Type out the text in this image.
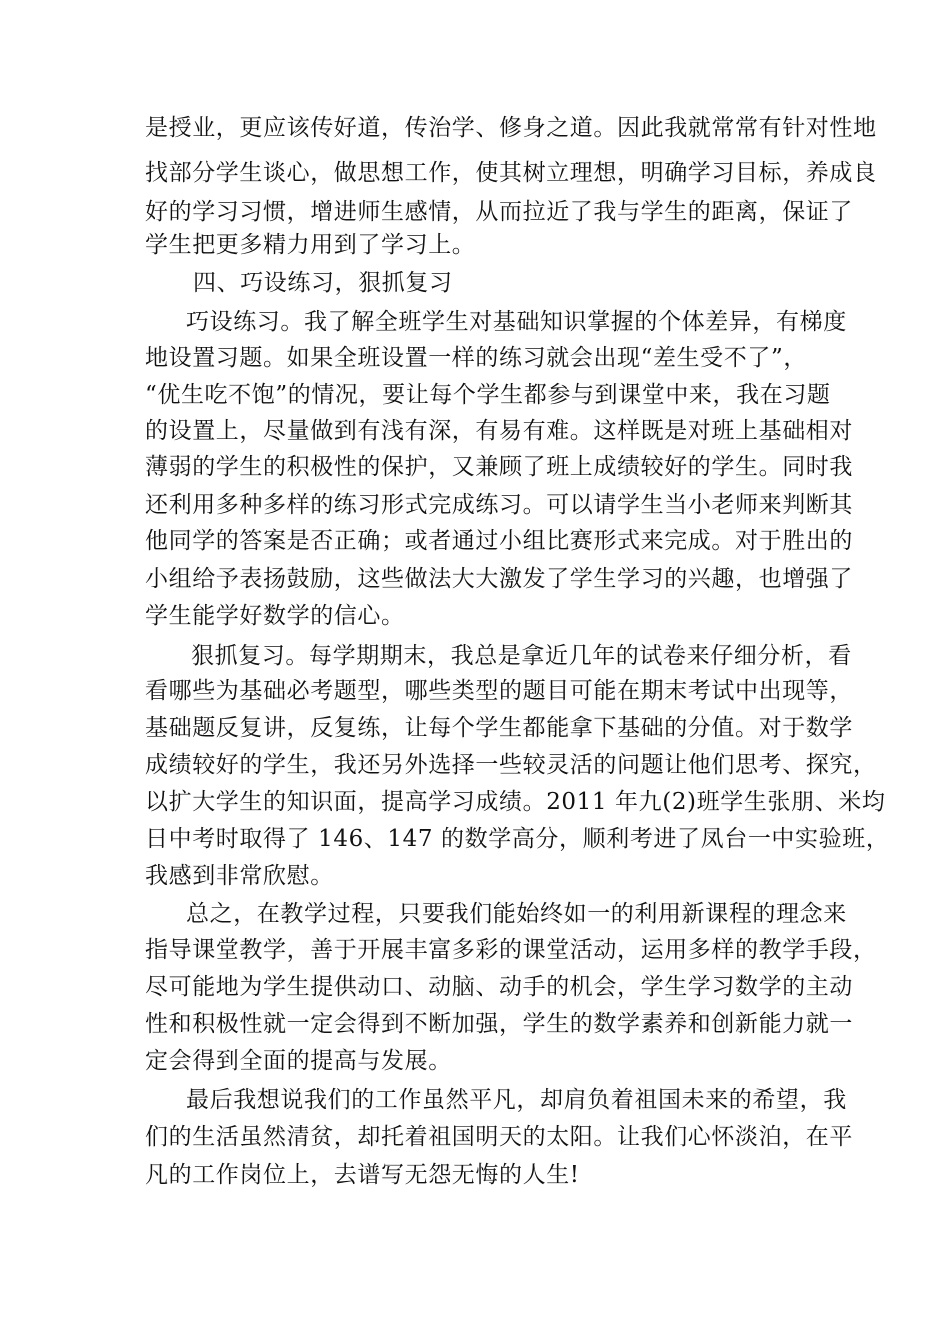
是授业，更应该传好道，传治学、修身之道。因此我就常常有针对性地
找部分学生谈心，做思想工作，使其树立理想，明确学习目标，养成良
好的学习习惯，增进师生感情，从而拉近了我与学生的距离，保证了
学生把更多精力用到了学习上。
四、巧设练习，狠抓复习
巧设练习。我了解全班学生对基础知识掌握的个体差异，有梯度
地设置习题。如果全班设置一样的练习就会出现“差生受不了”，
“优生吃不饱”的情况，要让每个学生都参与到课堂中来，我在习题
的设置上，尽量做到有浅有深，有易有难。这样既是对班上基础相对
薄弱的学生的积极性的保护，又兼顾了班上成绩较好的学生。同时我
还利用多种多样的练习形式完成练习。可以请学生当小老师来判断其
他同学的答案是否正确；或者通过小组比赛形式来完成。对于胜出的
小组给予表扬鼓励，这些做法大大激发了学生学习的兴趣，也增强了
学生能学好数学的信心。
狠抓复习。每学期期末，我总是拿近几年的试卷来仔细分析，看
看哪些为基础必考题型，哪些类型的题目可能在期末考试中出现等，
基础题反复讲，反复练，让每个学生都能拿下基础的分值。对于数学
成绩较好的学生，我还另外选择一些较灵活的问题让他们思考、探究，
以扩大学生的知识面，提高学习成绩。2011 年九(2)班学生张朋、米均
日中考时取得了 146、147 的数学高分，顺利考进了凤台一中实验班，
我感到非常欣慰。
总之，在教学过程，只要我们能始终如一的利用新课程的理念来
指导课堂教学，善于开展丰富多彩的课堂活动，运用多样的教学手段，
尽可能地为学生提供动口、动脑、动手的机会，学生学习数学的主动
性和积极性就一定会得到不断加强，学生的数学素养和创新能力就一
定会得到全面的提高与发展。
最后我想说我们的工作虽然平凡，却肩负着祖国未来的希望，我
们的生活虽然清贫，却托着祖国明天的太阳。让我们心怀淡泊，在平
凡的工作岗位上，去谱写无怨无悔的人生!
